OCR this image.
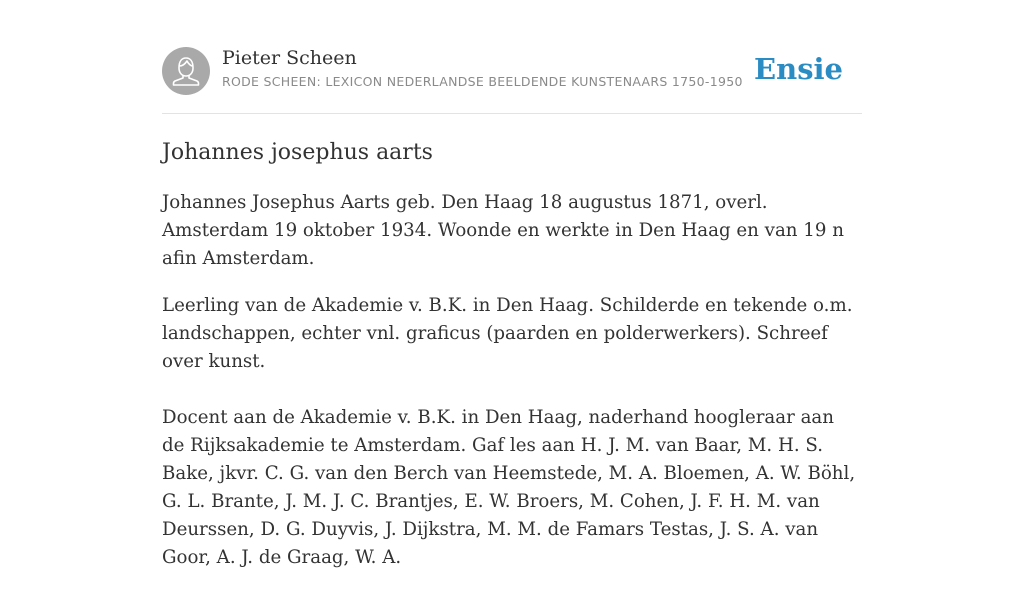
Pieter Scheen
RODE SCHEEN: LEXICON NEDERLANDSE BEELDENDE KUNSTENAARS 1750-1950 Ensie
Johannes josephus aarts

Johannes Josephus Aarts geb. Den Haag 18 augustus 1871, overl. Amsterdam 19 oktober 1934. Woonde en werkte in Den Haag en van 19 n afin Amsterdam.

Leerling van de Akademie v. B.K. in Den Haag. Schilderde en tekende o.m. landschappen, echter vnl. graficus (paarden en polderwerkers). Schreef over kunst.

Docent aan de Akademie v. B.K. in Den Haag, naderhand hoogleraar aan de Rijksakademie te Amsterdam. Gaf les aan H. J. M. van Baar, M. H. S. Bake, jkvr. C. G. van den Berch van Heemstede, M. A. Bloemen, A. W. Böhl, G. L. Brante, J. M. J. C. Brantjes, E. W. Broers, M. Cohen, J. F. H. M. van Deurssen, D. G. Duyvis, J. Dijkstra, M. M. de Famars Testas, J. S. A. van Goor, A. J. de Graag, W. A.
